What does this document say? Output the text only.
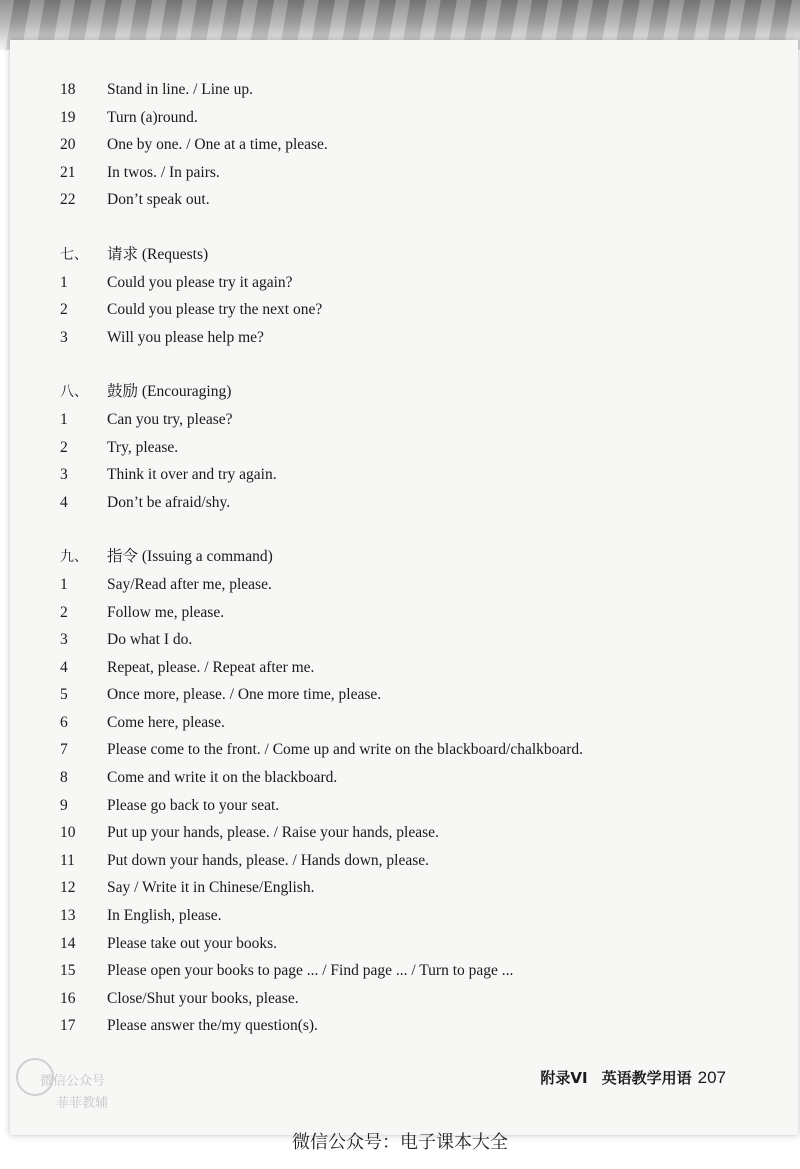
18 Stand in line. / Line up.
19 Turn (a)round.
20 One by one. / One at a time, please.
21 In twos. / In pairs.
22 Don’t speak out.
七、 请求 (Requests)
1	Could you please try it again?
2	Could you please try the next one?
3	Will you please help me?
八、 鼓励 (Encouraging)
1	Can you try, please?
2	Try, please.
3	Think it over and try again.
4	Don’t be afraid/shy.
九、 指令 (Issuing a command)
1	Say/Read after me, please.
2	Follow me, please.
3	Do what I do.
4	Repeat, please. / Repeat after me.
5	Once more, please. / One more time, please.
6	Come here, please.
7	Please come to the front. / Come up and write on the blackboard/chalkboard.
8	Come and write it on the blackboard.
9	Please go back to your seat.
10 Put up your hands, please. / Raise your hands, please.
11 Put down your hands, please. / Hands down, please.
12 Say / Write it in Chinese/English.
13 In English, please.
14 Please take out your books.
15 Please open your books to page ... / Find page ... / Turn to page ...
16 Close/Shut your books, please.
17 Please answer the/my question(s).
微信公众号
菲菲教辅
附录VI 英语教学用语 207
微信公众号：电子课本大全
